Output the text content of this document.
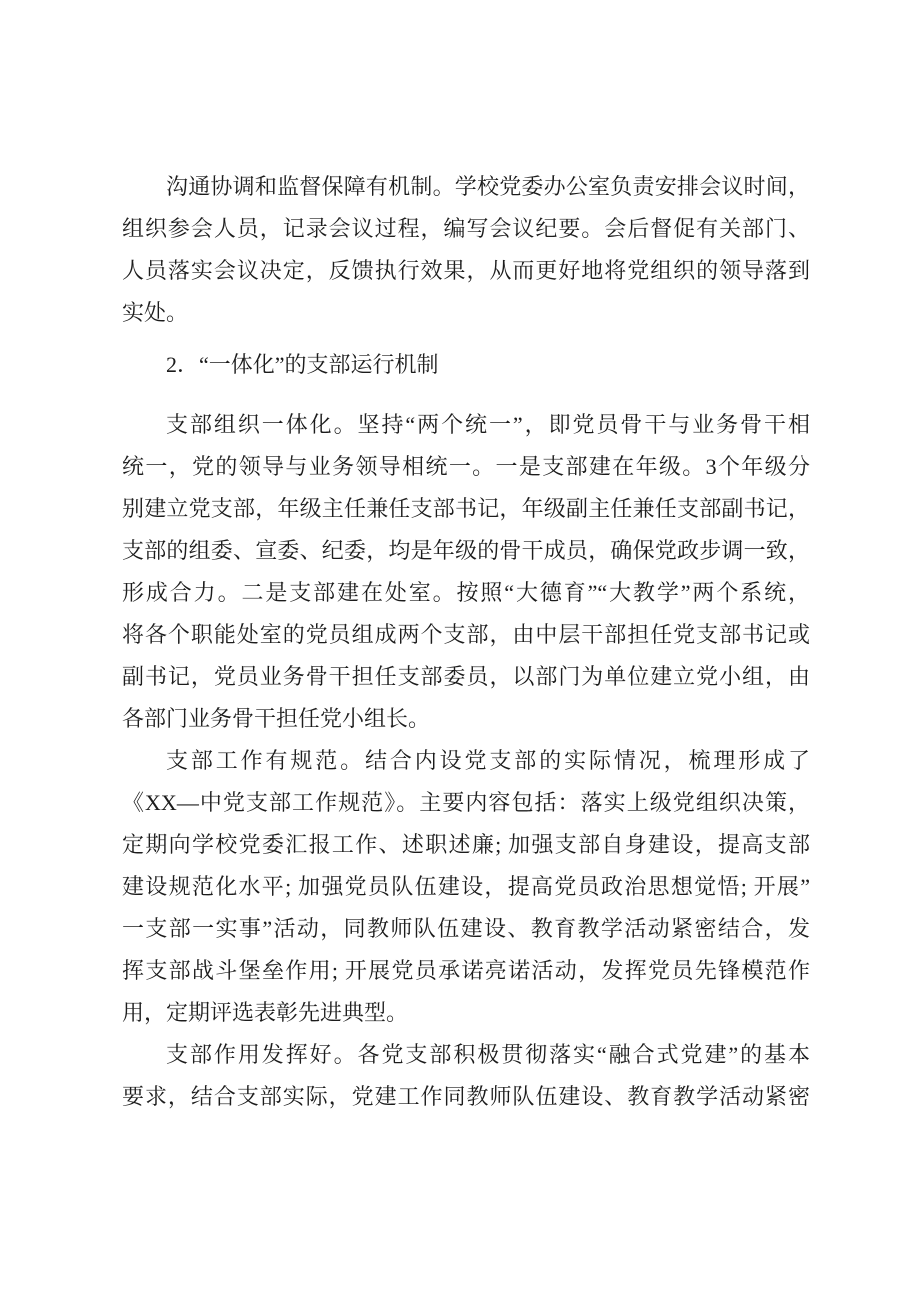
沟通协调和监督保障有机制。学校党委办公室负责安排会议时间，
组织参会人员，记录会议过程，编写会议纪要。会后督促有关部门、
人员落实会议决定，反馈执行效果，从而更好地将党组织的领导落到
实处。
2．“一体化”的支部运行机制
支部组织一体化。坚持“两个统一”，即党员骨干与业务骨干相
统一，党的领导与业务领导相统一。一是支部建在年级。3个年级分
别建立党支部，年级主任兼任支部书记，年级副主任兼任支部副书记，
支部的组委、宣委、纪委，均是年级的骨干成员，确保党政步调一致，
形成合力。二是支部建在处室。按照“大德育”“大教学”两个系统，
将各个职能处室的党员组成两个支部，由中层干部担任党支部书记或
副书记，党员业务骨干担任支部委员，以部门为单位建立党小组，由
各部门业务骨干担任党小组长。
支部工作有规范。结合内设党支部的实际情况，梳理形成了
《XX—中党支部工作规范》。主要内容包括：落实上级党组织决策，
定期向学校党委汇报工作、述职述廉; 加强支部自身建设，提高支部
建设规范化水平; 加强党员队伍建设，提高党员政治思想觉悟; 开展”
一支部一实事”活动，同教师队伍建设、教育教学活动紧密结合，发
挥支部战斗堡垒作用; 开展党员承诺亮诺活动，发挥党员先锋模范作
用，定期评选表彰先进典型。
支部作用发挥好。各党支部积极贯彻落实“融合式党建”的基本
要求，结合支部实际，党建工作同教师队伍建设、教育教学活动紧密
